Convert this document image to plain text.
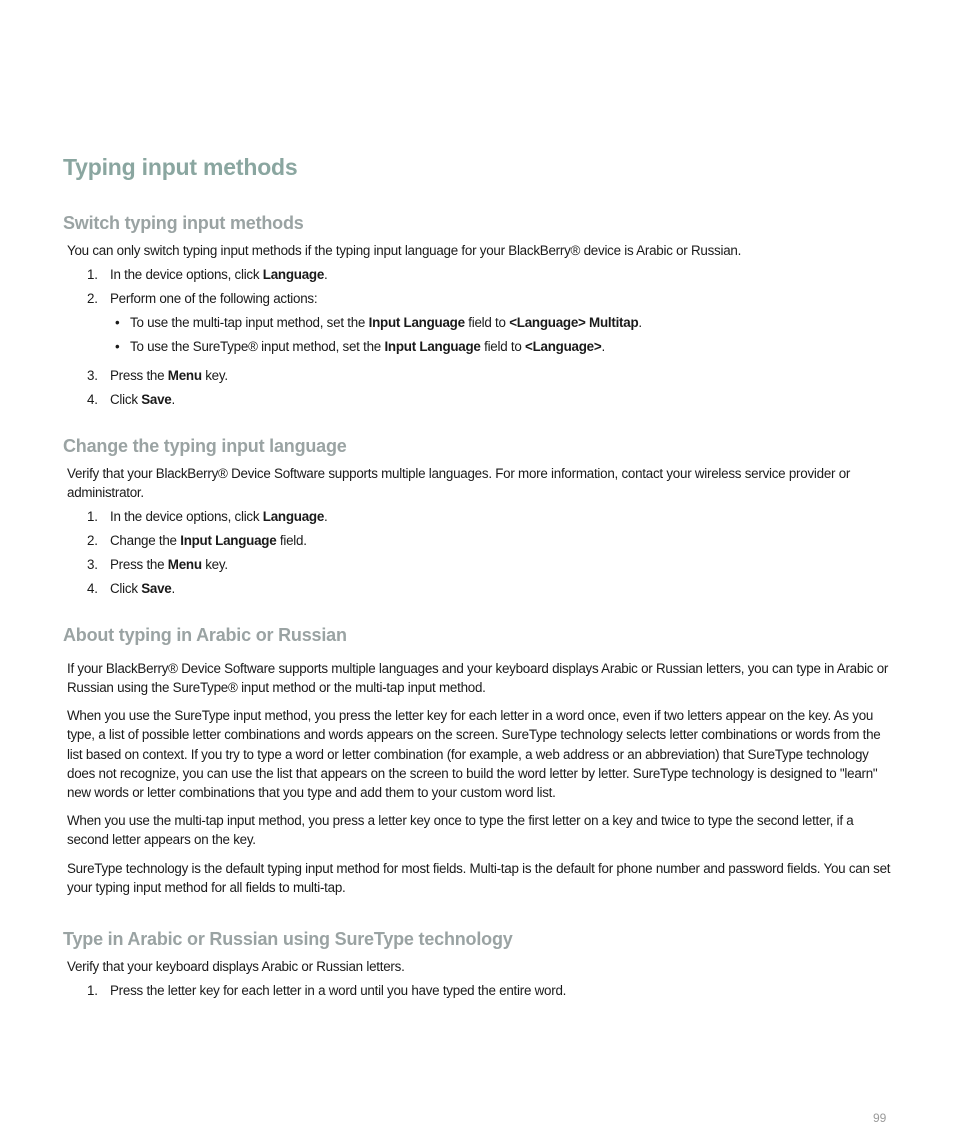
Typing input methods
Switch typing input methods

You can only switch typing input methods if the typing input language for your BlackBerry® device is Arabic or Russian.

1. In the device options, click Language.

2. Perform one of the following actions:

• To use the multi-tap input method, set the Input Language field to <Language> Multitap.

• To use the SureType® input method, set the Input Language field to <Language>.

3. Press the Menu key.

4. Click Save.

Change the typing input language

Verify that your BlackBerry® Device Software supports multiple languages. For more information, contact your wireless service provider or administrator.

1. In the device options, click Language.

2. Change the Input Language field.

3. Press the Menu key.

4. Click Save.

About typing in Arabic or Russian

If your BlackBerry® Device Software supports multiple languages and your keyboard displays Arabic or Russian letters, you can type in Arabic or Russian using the SureType® input method or the multi-tap input method.

When you use the SureType input method, you press the letter key for each letter in a word once, even if two letters appear on the key. As you type, a list of possible letter combinations and words appears on the screen. SureType technology selects letter combinations or words from the list based on context. If you try to type a word or letter combination (for example, a web address or an abbreviation) that SureType technology does not recognize, you can use the list that appears on the screen to build the word letter by letter. SureType technology is designed to "learn" new words or letter combinations that you type and add them to your custom word list.

When you use the multi-tap input method, you press a letter key once to type the first letter on a key and twice to type the second letter, if a second letter appears on the key.

SureType technology is the default typing input method for most fields. Multi-tap is the default for phone number and password fields. You can set your typing input method for all fields to multi-tap.

Type in Arabic or Russian using SureType technology

Verify that your keyboard displays Arabic or Russian letters.

1. Press the letter key for each letter in a word until you have typed the entire word.

99
